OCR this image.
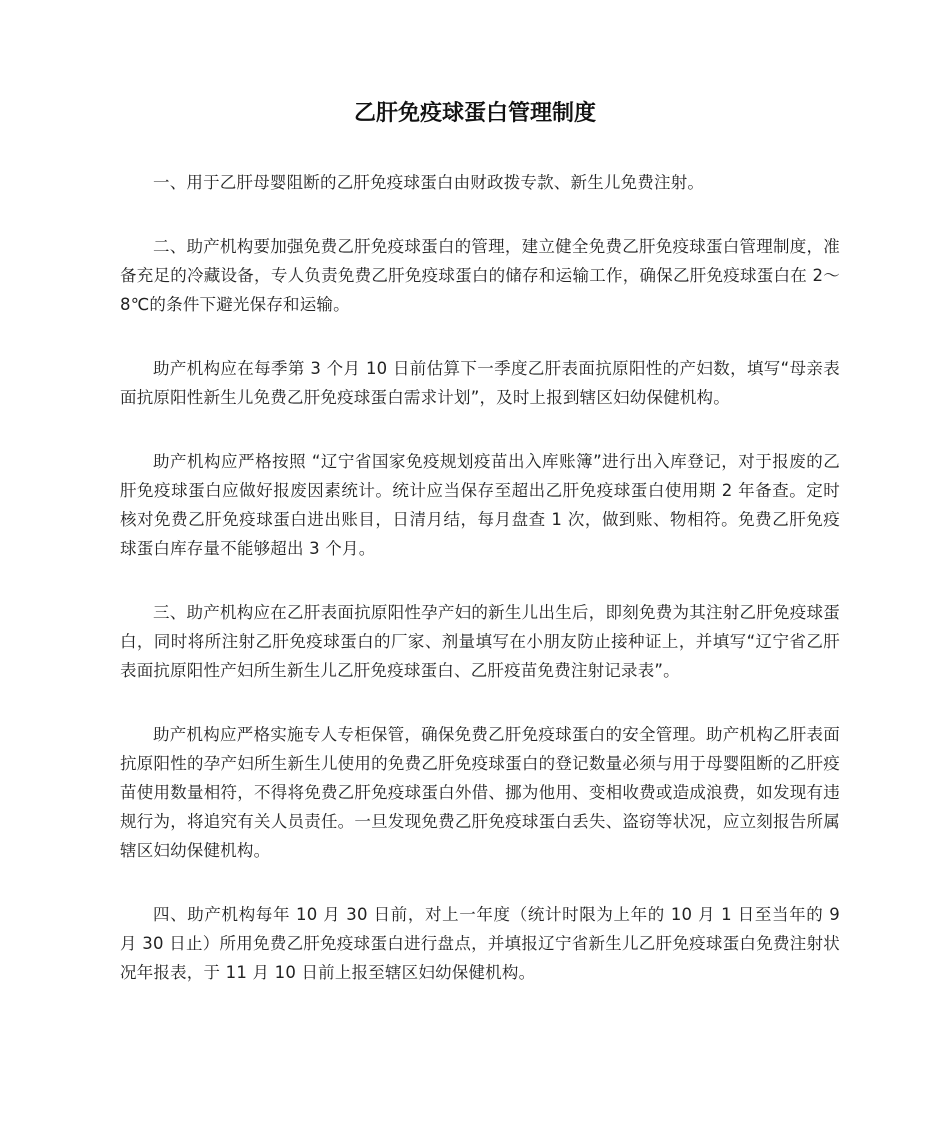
乙肝免疫球蛋白管理制度

一、用于乙肝母婴阻断的乙肝免疫球蛋白由财政拨专款、新生儿免费注射。

二、助产机构要加强免费乙肝免疫球蛋白的管理，建立健全免费乙肝免疫球蛋白管理制度，准备充足的冷藏设备，专人负责免费乙肝免疫球蛋白的储存和运输工作，确保乙肝免疫球蛋白在 2～8℃的条件下避光保存和运输。

助产机构应在每季第 3 个月 10 日前估算下一季度乙肝表面抗原阳性的产妇数，填写“母亲表面抗原阳性新生儿免费乙肝免疫球蛋白需求计划”，及时上报到辖区妇幼保健机构。

助产机构应严格按照 “辽宁省国家免疫规划疫苗出入库账簿”进行出入库登记，对于报废的乙肝免疫球蛋白应做好报废因素统计。统计应当保存至超出乙肝免疫球蛋白使用期 2 年备查。定时核对免费乙肝免疫球蛋白进出账目，日清月结，每月盘查 1 次，做到账、物相符。免费乙肝免疫球蛋白库存量不能够超出 3 个月。

三、助产机构应在乙肝表面抗原阳性孕产妇的新生儿出生后，即刻免费为其注射乙肝免疫球蛋白，同时将所注射乙肝免疫球蛋白的厂家、剂量填写在小朋友防止接种证上，并填写“辽宁省乙肝表面抗原阳性产妇所生新生儿乙肝免疫球蛋白、乙肝疫苗免费注射记录表”。

助产机构应严格实施专人专柜保管，确保免费乙肝免疫球蛋白的安全管理。助产机构乙肝表面抗原阳性的孕产妇所生新生儿使用的免费乙肝免疫球蛋白的登记数量必须与用于母婴阻断的乙肝疫苗使用数量相符，不得将免费乙肝免疫球蛋白外借、挪为他用、变相收费或造成浪费，如发现有违规行为，将追究有关人员责任。一旦发现免费乙肝免疫球蛋白丢失、盗窃等状况，应立刻报告所属辖区妇幼保健机构。

四、助产机构每年 10 月 30 日前，对上一年度（统计时限为上年的 10 月 1 日至当年的 9 月 30 日止）所用免费乙肝免疫球蛋白进行盘点，并填报辽宁省新生儿乙肝免疫球蛋白免费注射状况年报表，于 11 月 10 日前上报至辖区妇幼保健机构。
